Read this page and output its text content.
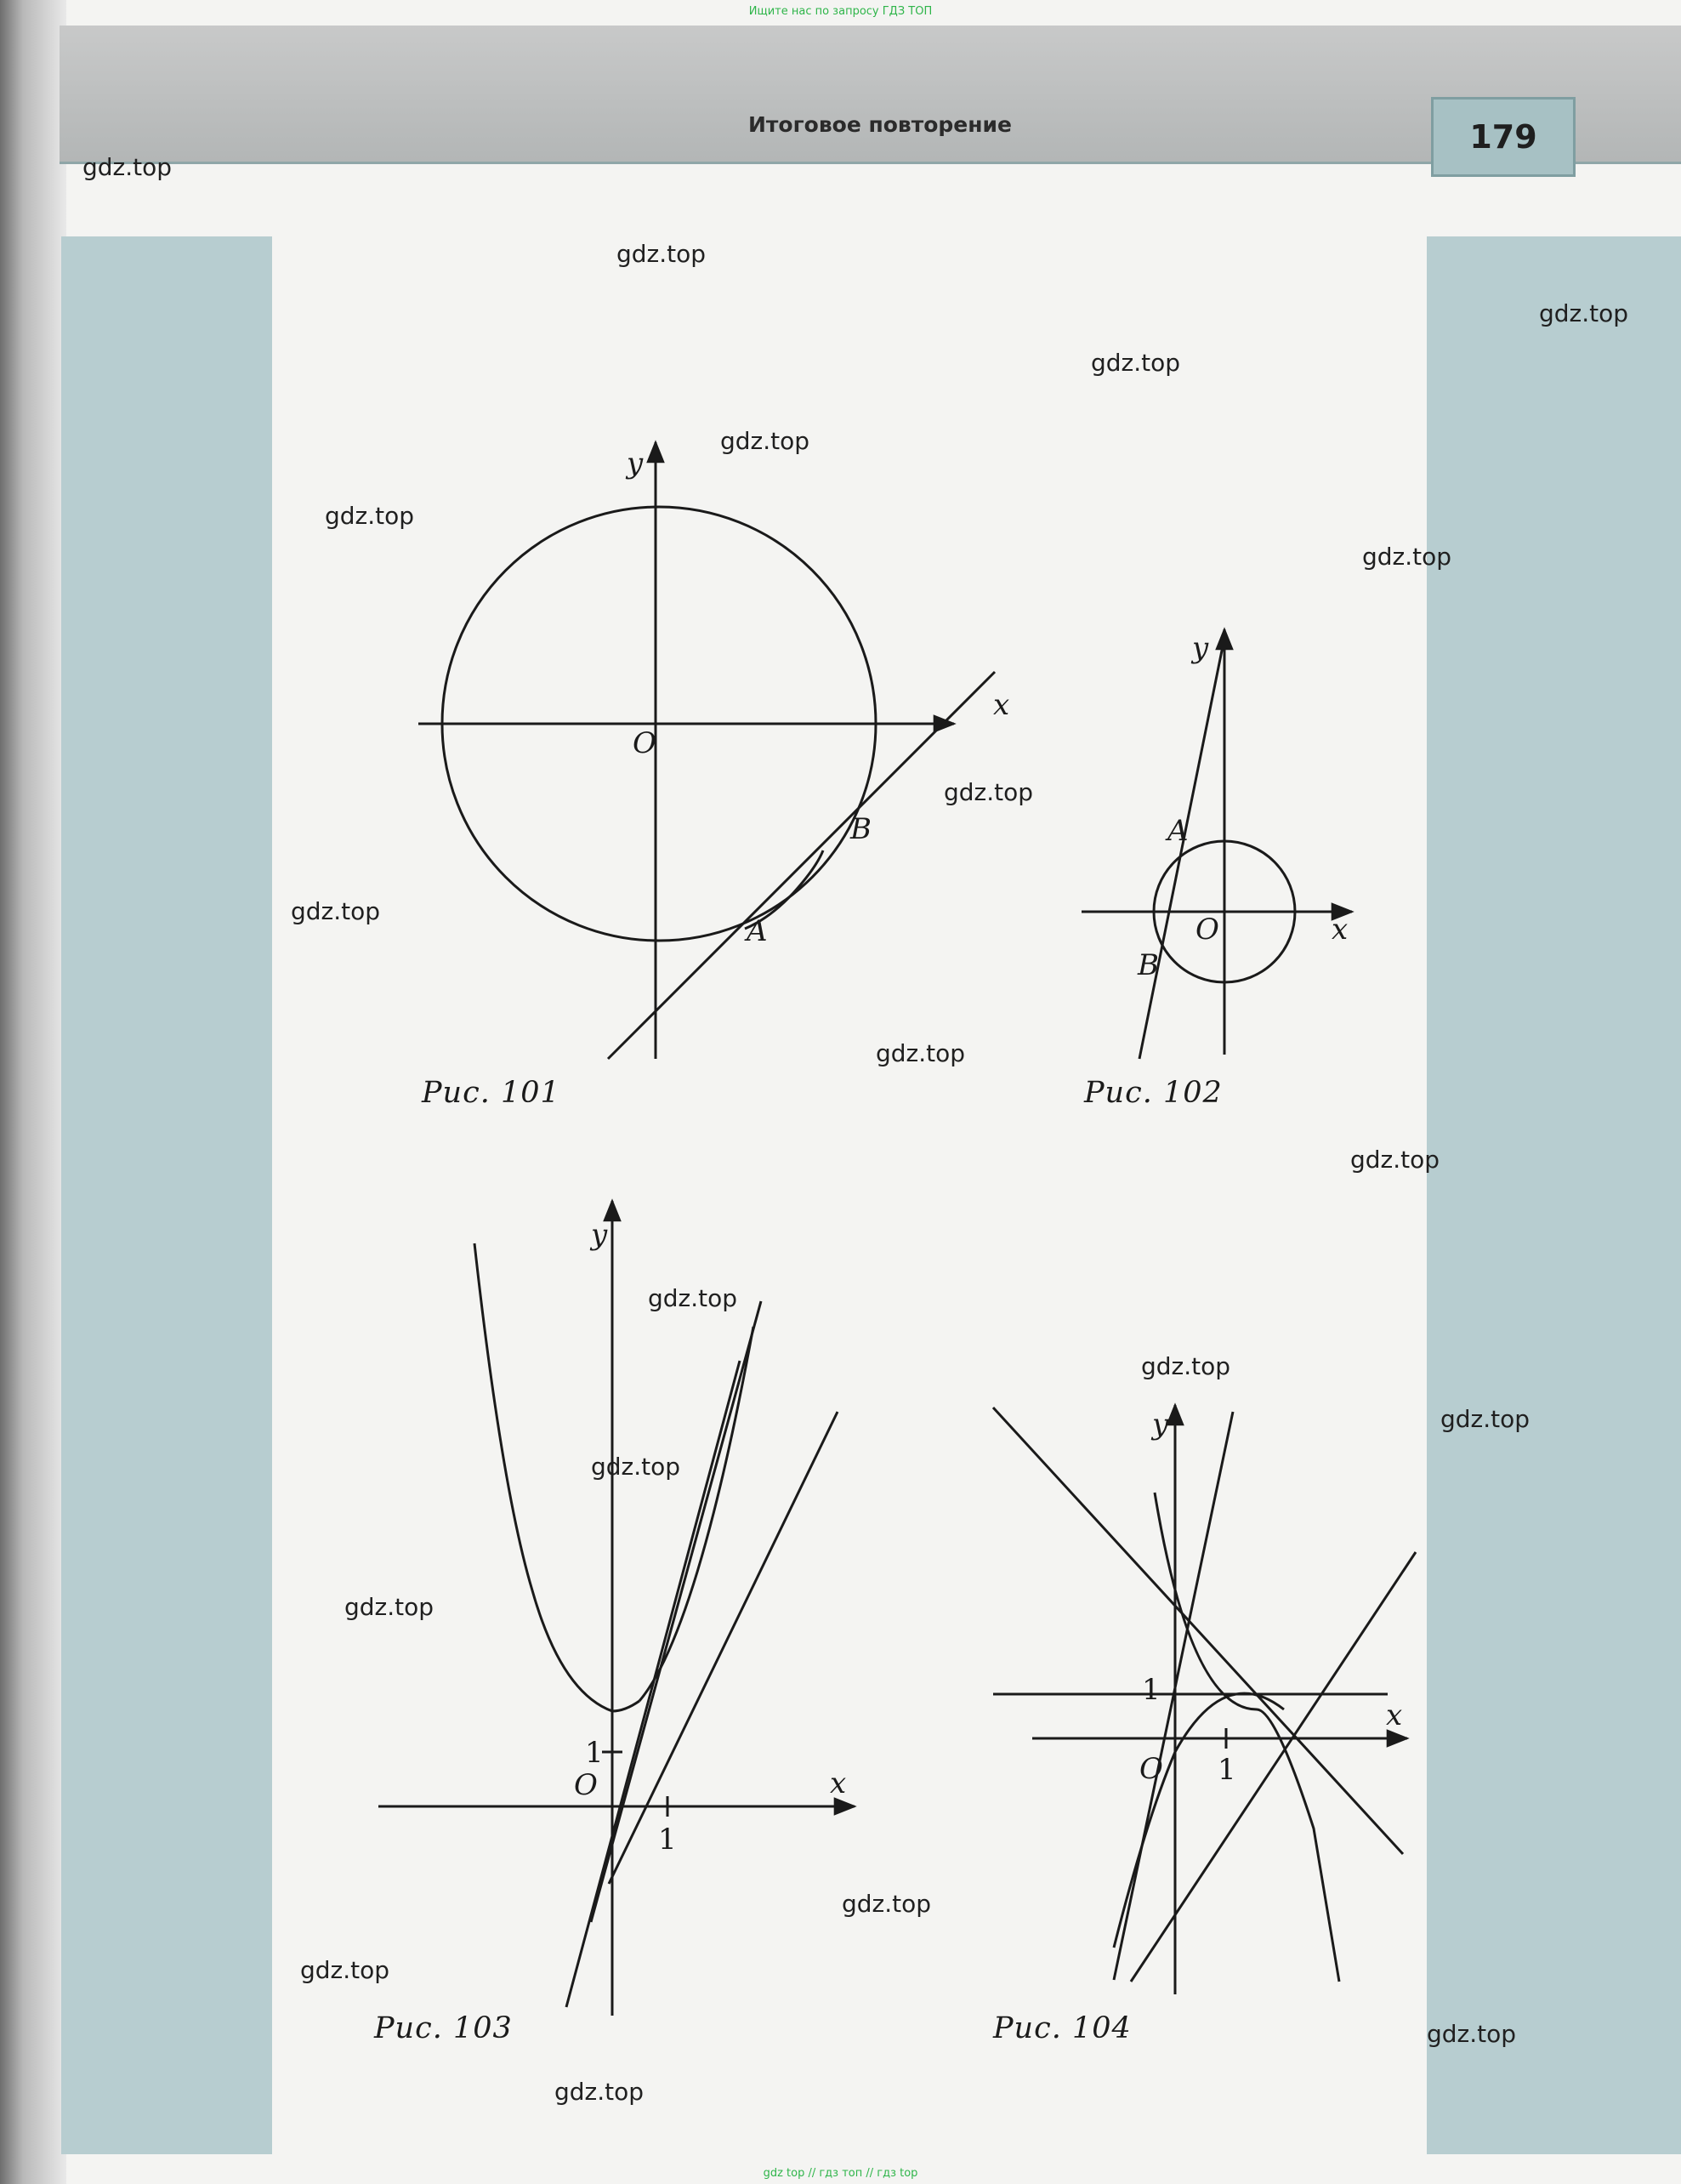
Ищите нас по запросу ГДЗ ТОП
Итоговое повторение	179
y
x
O
B
A
Рис. 101
y
x
O
A
B
Рис. 102
y
x
O
1
1
Рис. 103
y
x
O
1
1
Рис. 104
gdz.top
gdz.top
gdz.top
gdz.top
gdz.top
gdz.top
gdz.top
gdz.top
gdz.top
gdz.top
gdz.top
gdz.top
gdz.top
gdz.top
gdz.top
gdz.top
gdz.top
gdz.top
gdz.top
gdz.top
gdz top // гдз топ // гдз top
